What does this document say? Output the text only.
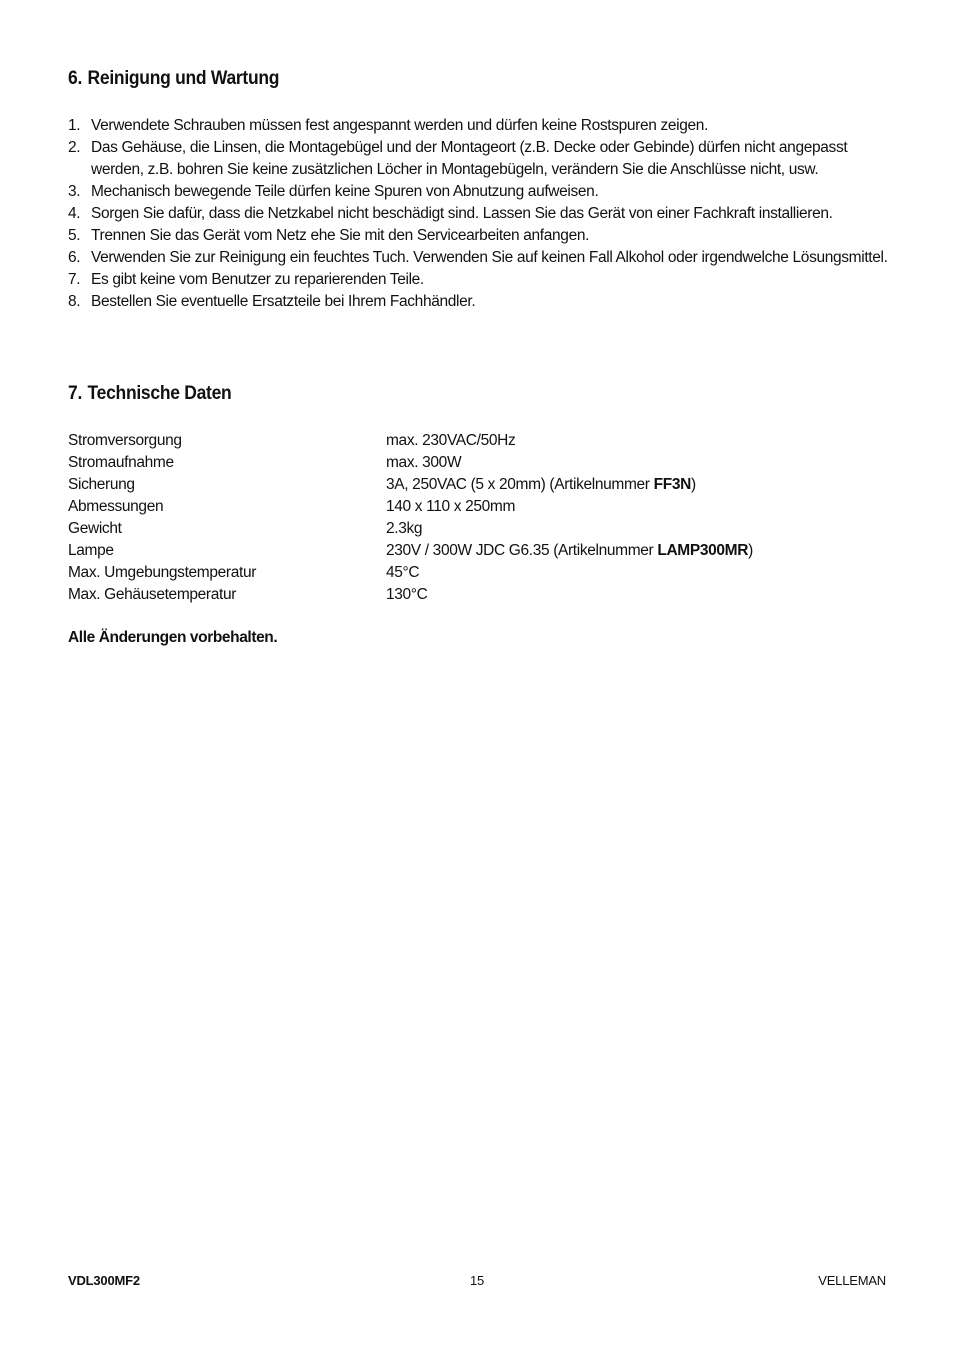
6. Reinigung und Wartung
1. Verwendete Schrauben müssen fest angespannt werden und dürfen keine Rostspuren zeigen.
2. Das Gehäuse, die Linsen, die Montagebügel und der Montageort (z.B. Decke oder Gebinde) dürfen nicht angepasst werden, z.B. bohren Sie keine zusätzlichen Löcher in Montagebügeln, verändern Sie die Anschlüsse nicht, usw.
3. Mechanisch bewegende Teile dürfen keine Spuren von Abnutzung aufweisen.
4. Sorgen Sie dafür, dass die Netzkabel nicht beschädigt sind. Lassen Sie das Gerät von einer Fachkraft installieren.
5. Trennen Sie das Gerät vom Netz ehe Sie mit den Servicearbeiten anfangen.
6. Verwenden Sie zur Reinigung ein feuchtes Tuch. Verwenden Sie auf keinen Fall Alkohol oder irgendwelche Lösungsmittel.
7. Es gibt keine vom Benutzer zu reparierenden Teile.
8. Bestellen Sie eventuelle Ersatzteile bei Ihrem Fachhändler.
7. Technische Daten
Stromversorgung	max. 230VAC/50Hz
Stromaufnahme	max. 300W
Sicherung	3A, 250VAC (5 x 20mm) (Artikelnummer FF3N)
Abmessungen	140 x 110 x 250mm
Gewicht	2.3kg
Lampe	230V / 300W JDC G6.35 (Artikelnummer LAMP300MR)
Max. Umgebungstemperatur	45°C
Max. Gehäusetemperatur	130°C
Alle Änderungen vorbehalten.
VDL300MF2	15	VELLEMAN
